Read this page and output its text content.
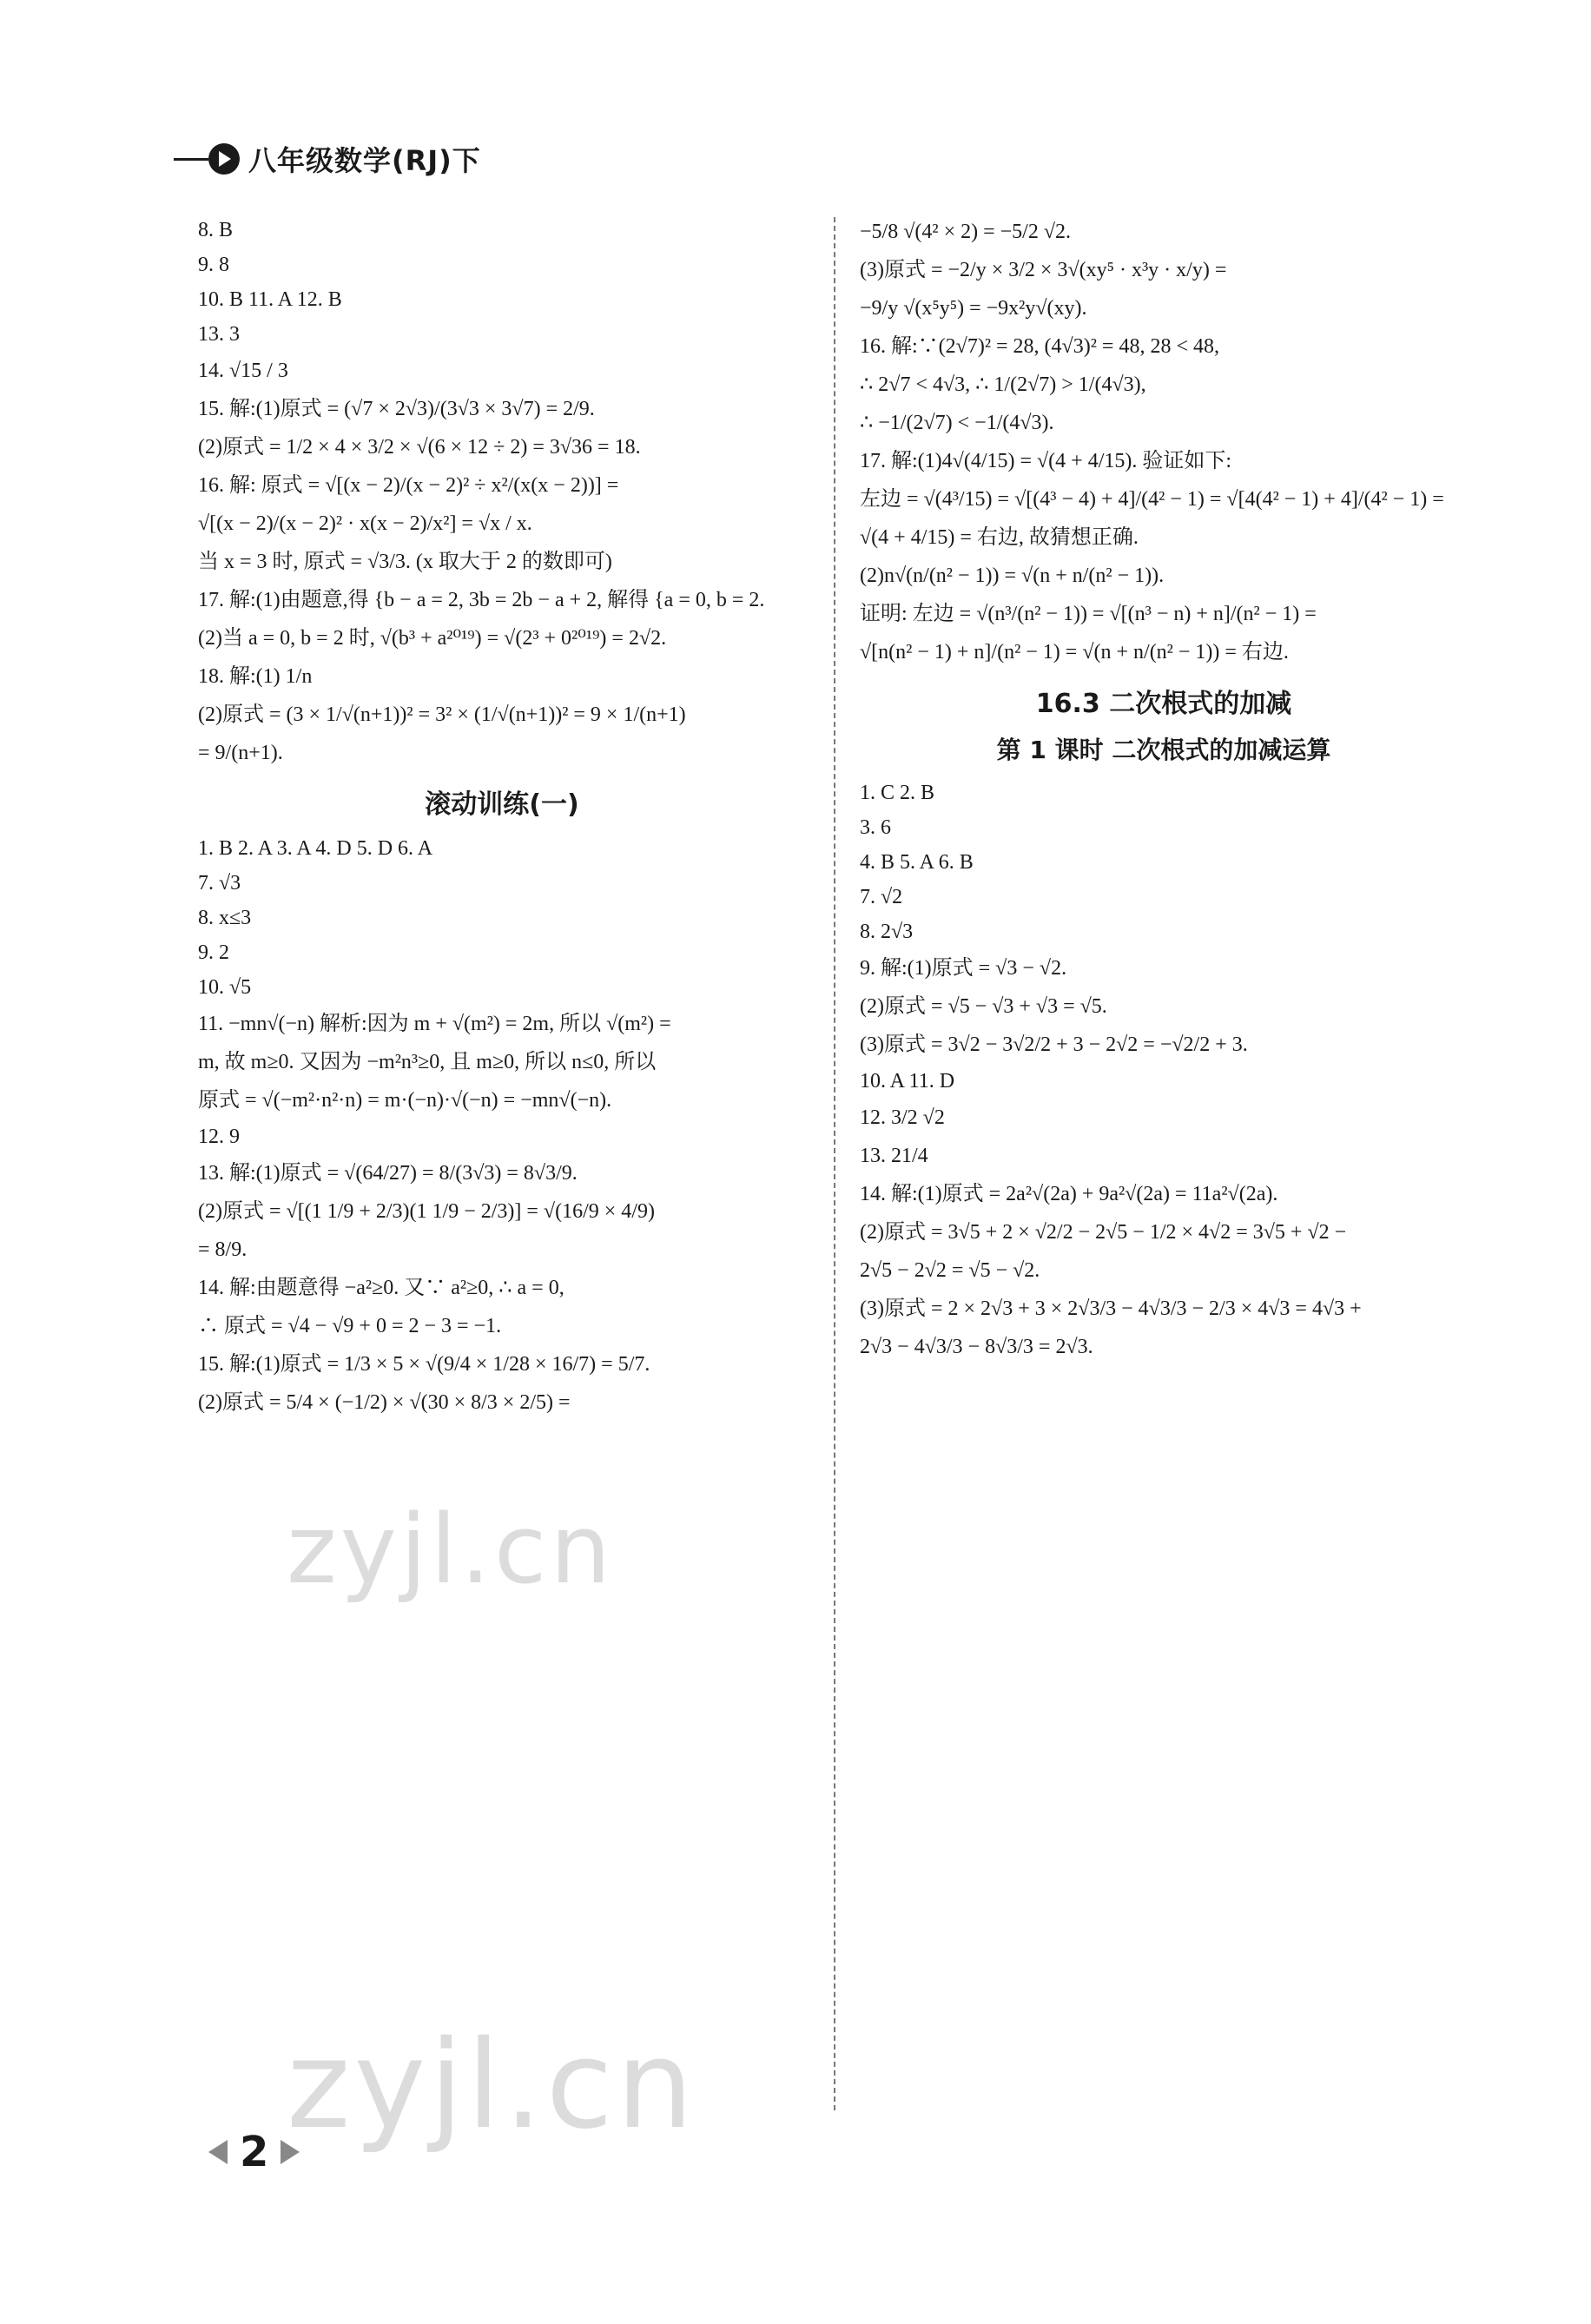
八年级数学(RJ)下
8. B
9. 8
10. B 11. A 12. B
13. 3
14. √15 / 3
15. 解:(1)原式 = (√7 × 2√3)/(3√3 × 3√7) = 2/9.
(2)原式 = 1/2 × 4 × 3/2 × √(6 × 12 ÷ 2) = 3√36 = 18.
16. 解: 原式 = √[(x − 2)/(x − 2)² ÷ x²/(x(x − 2))] =
√[(x − 2)/(x − 2)² · x(x − 2)/x²] = √x / x.
当 x = 3 时, 原式 = √3/3. (x 取大于 2 的数即可)
17. 解:(1)由题意,得 {b − a = 2, 3b = 2b − a + 2, 解得 {a = 0, b = 2.
(2)当 a = 0, b = 2 时, √(b³ + a²⁰¹⁹) = √(2³ + 0²⁰¹⁹) = 2√2.
18. 解:(1) 1/n
(2)原式 = (3 × 1/√(n+1))² = 3² × (1/√(n+1))² = 9 × 1/(n+1)
= 9/(n+1).
滚动训练(一)
1. B 2. A 3. A 4. D 5. D 6. A
7. √3
8. x≤3
9. 2
10. √5
11. −mn√(−n) 解析:因为 m + √(m²) = 2m, 所以 √(m²) =
m, 故 m≥0. 又因为 −m²n³≥0, 且 m≥0, 所以 n≤0, 所以
原式 = √(−m²·n²·n) = m·(−n)·√(−n) = −mn√(−n).
12. 9
13. 解:(1)原式 = √(64/27) = 8/(3√3) = 8√3/9.
(2)原式 = √[(1 1/9 + 2/3)(1 1/9 − 2/3)] = √(16/9 × 4/9)
= 8/9.
14. 解:由题意得 −a²≥0. 又∵ a²≥0, ∴ a = 0,
∴ 原式 = √4 − √9 + 0 = 2 − 3 = −1.
15. 解:(1)原式 = 1/3 × 5 × √(9/4 × 1/28 × 16/7) = 5/7.
(2)原式 = 5/4 × (−1/2) × √(30 × 8/3 × 2/5) =
−5/8 √(4² × 2) = −5/2 √2.
(3)原式 = −2/y × 3/2 × 3√(xy⁵ · x³y · x/y) =
−9/y √(x⁵y⁵) = −9x²y√(xy).
16. 解:∵(2√7)² = 28, (4√3)² = 48, 28 < 48,
∴ 2√7 < 4√3, ∴ 1/(2√7) > 1/(4√3),
∴ −1/(2√7) < −1/(4√3).
17. 解:(1)4√(4/15) = √(4 + 4/15). 验证如下:
左边 = √(4³/15) = √[(4³ − 4) + 4]/(4² − 1) = √[4(4² − 1) + 4]/(4² − 1) =
√(4 + 4/15) = 右边, 故猜想正确.
(2)n√(n/(n² − 1)) = √(n + n/(n² − 1)).
证明: 左边 = √(n³/(n² − 1)) = √[(n³ − n) + n]/(n² − 1) =
√[n(n² − 1) + n]/(n² − 1) = √(n + n/(n² − 1)) = 右边.
16.3 二次根式的加减
第 1 课时 二次根式的加减运算
1. C 2. B
3. 6
4. B 5. A 6. B
7. √2
8. 2√3
9. 解:(1)原式 = √3 − √2.
(2)原式 = √5 − √3 + √3 = √5.
(3)原式 = 3√2 − 3√2/2 + 3 − 2√2 = −√2/2 + 3.
10. A 11. D
12. 3/2 √2
13. 21/4
14. 解:(1)原式 = 2a²√(2a) + 9a²√(2a) = 11a²√(2a).
(2)原式 = 3√5 + 2 × √2/2 − 2√5 − 1/2 × 4√2 = 3√5 + √2 −
2√5 − 2√2 = √5 − √2.
(3)原式 = 2 × 2√3 + 3 × 2√3/3 − 4√3/3 − 2/3 × 4√3 = 4√3 +
2√3 − 4√3/3 − 8√3/3 = 2√3.
zyjl.cn
zyjl.cn
2
